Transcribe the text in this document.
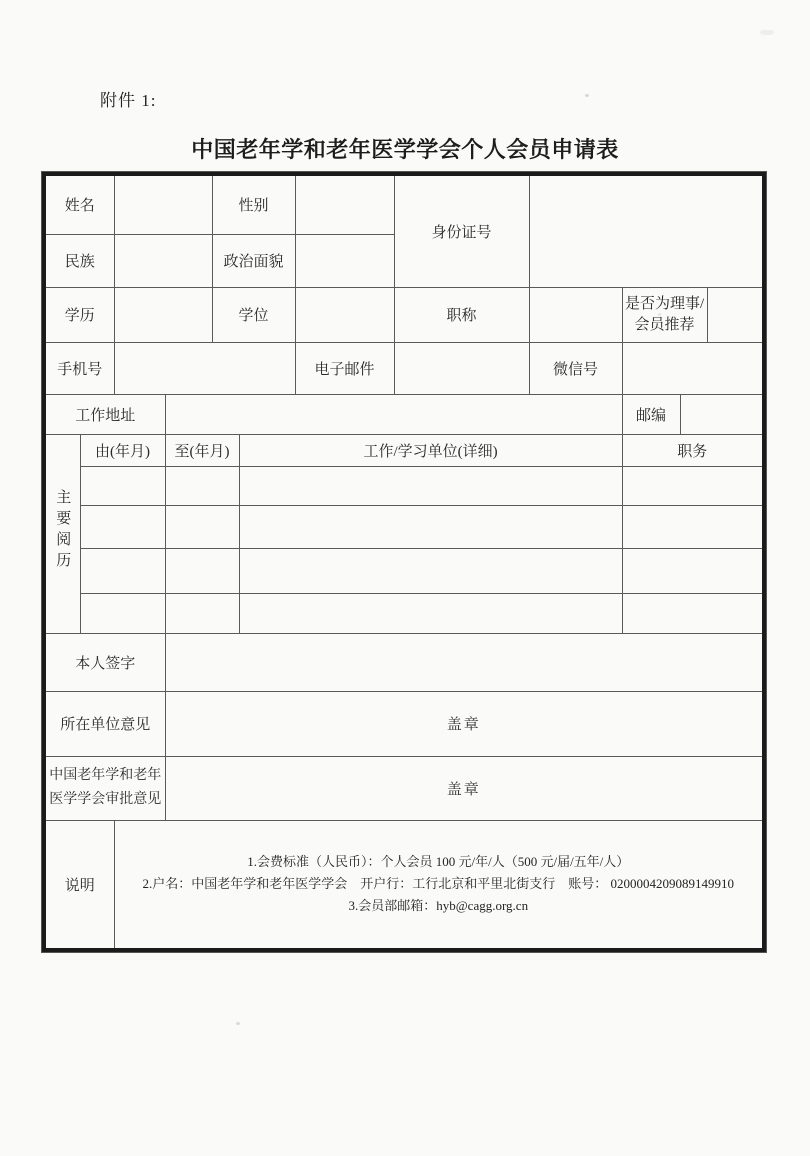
附件 1:
中国老年学和老年医学学会个人会员申请表
姓名				性别			身份证号				
民族				政治面貌							
学历				学位			职称		是否为理事/会员推荐		
手机号						电子邮件		微信号			
工作地址									邮编		
主要阅历	由(年月)		至(年月)		工作/学习单位(详细)				职务		

本人签字											
所在单位意见			盖章								

中国老年学和老年
医学学会审批意见			盖章								
说明		1.会费标准（人民币）：个人会员 100 元/年/人（500 元/届/五年/人）
2.户名：中国老年学和老年医学学会　开户行：工行北京和平里北街支行　账号： 0200004209089149910
3.会员部邮箱：hyb@cagg.org.cn									
